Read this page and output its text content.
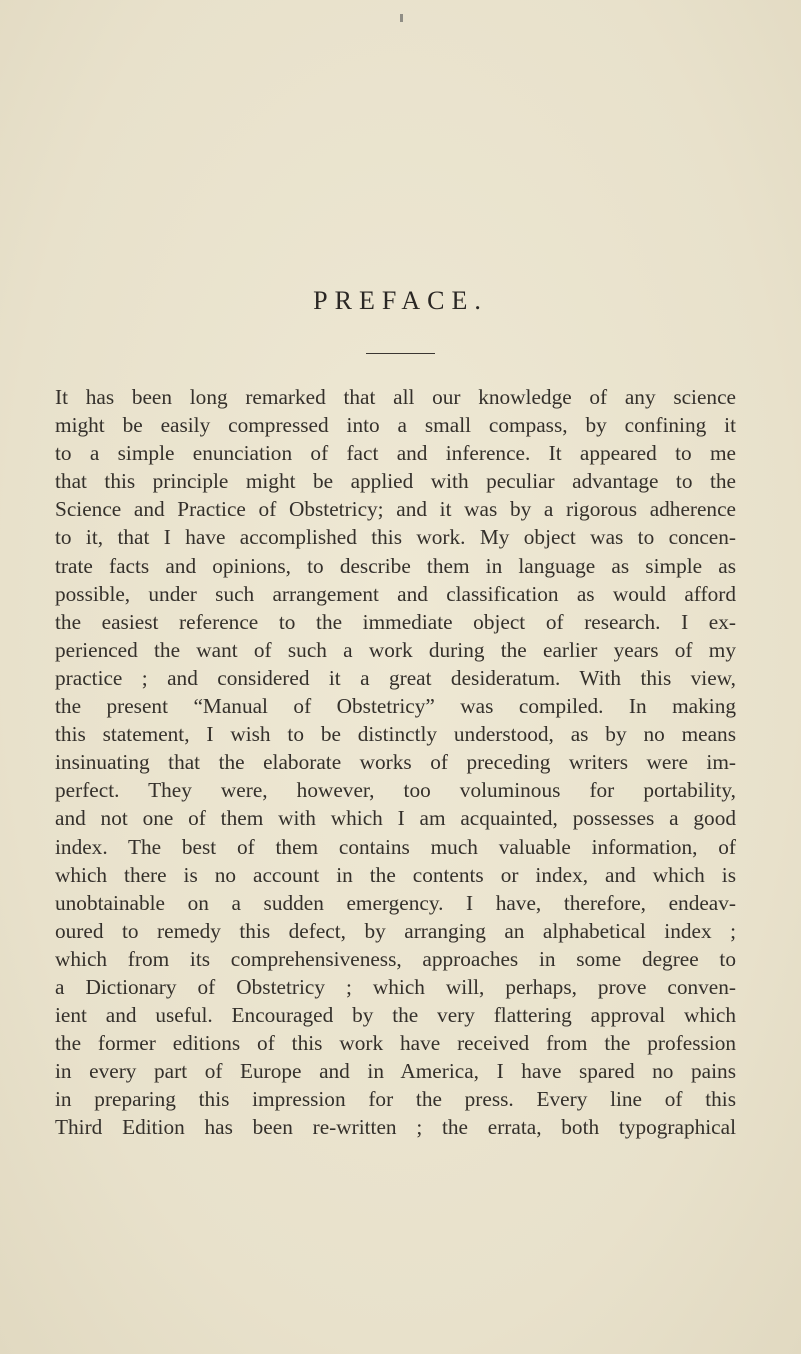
PREFACE.

It has been long remarked that all our knowledge of any science
might be easily compressed into a small compass, by confining it
to a simple enunciation of fact and inference. It appeared to me
that this principle might be applied with peculiar advantage to the
Science and Practice of Obstetricy; and it was by a rigorous adherence
to it, that I have accomplished this work. My object was to concen-
trate facts and opinions, to describe them in language as simple as
possible, under such arrangement and classification as would afford
the easiest reference to the immediate object of research. I ex-
perienced the want of such a work during the earlier years of my
practice ; and considered it a great desideratum. With this view,
the present “Manual of Obstetricy” was compiled. In making
this statement, I wish to be distinctly understood, as by no means
insinuating that the elaborate works of preceding writers were im-
perfect. They were, however, too voluminous for portability,
and not one of them with which I am acquainted, possesses a good
index. The best of them contains much valuable information, of
which there is no account in the contents or index, and which is
unobtainable on a sudden emergency. I have, therefore, endeav-
oured to remedy this defect, by arranging an alphabetical index ;
which from its comprehensiveness, approaches in some degree to
a Dictionary of Obstetricy ; which will, perhaps, prove conven-
ient and useful. Encouraged by the very flattering approval which
the former editions of this work have received from the profession
in every part of Europe and in America, I have spared no pains
in preparing this impression for the press. Every line of this
Third Edition has been re-written ; the errata, both typographical
